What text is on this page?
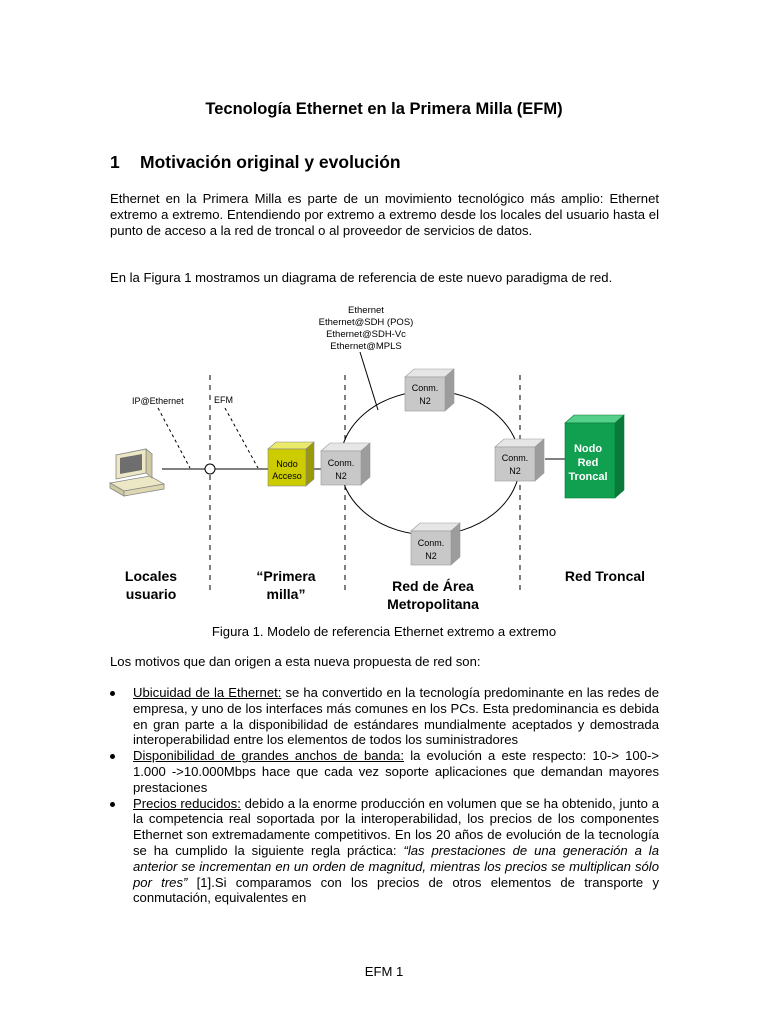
Tecnología Ethernet en la Primera Milla (EFM)
1 Motivación original y evolución
Ethernet en la Primera Milla es parte de un movimiento tecnológico más amplio: Ethernet extremo a extremo. Entendiendo por extremo a extremo desde los locales del usuario hasta el punto de acceso a la red de troncal o al proveedor de servicios de datos.
En la Figura 1 mostramos un diagrama de referencia de este nuevo paradigma de red.
Nodo
Acceso
Conm.
N2
Conm.
N2
Conm.
N2
Conm.
N2
Nodo
Red
Troncal
Ethernet
Ethernet@SDH (POS)
Ethernet@SDH-Vc
Ethernet@MPLS
IP@Ethernet	EFM
Locales
usuario
“Primera
milla”	Red de Área
Metropolitana
Red Troncal
Figura 1. Modelo de referencia Ethernet extremo a extremo
Los motivos que dan origen a esta nueva propuesta de red son:
Ubicuidad de la Ethernet: se ha convertido en la tecnología predominante en las redes de empresa, y uno de los interfaces más comunes en los PCs. Esta predominancia es debida en gran parte a la disponibilidad de estándares mundialmente aceptados y demostrada interoperabilidad entre los elementos de todos los suministradores
Disponibilidad de grandes anchos de banda: la evolución a este respecto: 10-> 100-> 1.000 ->10.000Mbps hace que cada vez soporte aplicaciones que demandan mayores prestaciones
Precios reducidos: debido a la enorme producción en volumen que se ha obtenido, junto a la competencia real soportada por la interoperabilidad, los precios de los componentes Ethernet son extremadamente competitivos. En los 20 años de evolución de la tecnología se ha cumplido la siguiente regla práctica: “las prestaciones de una generación a la anterior se incrementan en un orden de magnitud, mientras los precios se multiplican sólo por tres” [1].Si comparamos con los precios de otros elementos de transporte y conmutación, equivalentes en
EFM 1
